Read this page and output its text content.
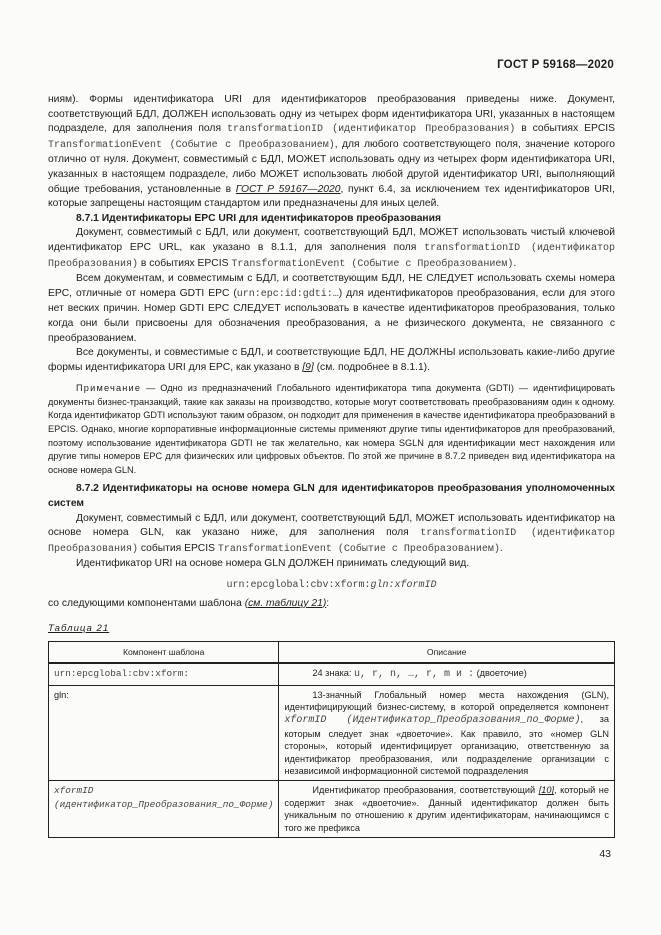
ГОСТ Р 59168—2020

ниям). Формы идентификатора URI для идентификаторов преобразования приведены ниже. Документ, соответствующий БДЛ, ДОЛЖЕН использовать одну из четырех форм идентификатора URI, указанных в настоящем подразделе, для заполнения поля transformationID (идентификатор Преобразования) в событиях EPCIS TransformationEvent (Событие с Преобразованием), для любого соответствующего поля, значение которого отлично от нуля. Документ, совместимый с БДЛ, МОЖЕТ использовать одну из четырех форм идентификатора URI, указанных в настоящем подразделе, либо МОЖЕТ использовать любой другой идентификатор URI, выполняющий общие требования, установленные в ГОСТ Р 59167—2020, пункт 6.4, за исключением тех идентификаторов URI, которые запрещены настоящим стандартом или предназначены для иных целей.

8.7.1 Идентификаторы EPC URI для идентификаторов преобразования

Документ, совместимый с БДЛ, или документ, соответствующий БДЛ, МОЖЕТ использовать чистый ключевой идентификатор EPC URL, как указано в 8.1.1, для заполнения поля transformationID (идентификатор Преобразования) в событиях EPCIS TransformationEvent (Событие с Преобразованием).

Всем документам, и совместимым с БДЛ, и соответствующим БДЛ, НЕ СЛЕДУЕТ использовать схемы номера EPC, отличные от номера GDTI EPC (urn:epc:id:gdti:…) для идентификаторов преобразования, если для этого нет веских причин. Номер GDTI EPC СЛЕДУЕТ использовать в качестве идентификаторов преобразования, только когда они были присвоены для обозначения преобразования, а не физического документа, не связанного с преобразованием.

Все документы, и совместимые с БДЛ, и соответствующие БДЛ, НЕ ДОЛЖНЫ использовать какие-либо другие формы идентификатора URI для EPC, как указано в [9] (см. подробнее в 8.1.1).

Примечание — Одно из предназначений Глобального идентификатора типа документа (GDTI) — идентифицировать документы бизнес-транзакций, такие как заказы на производство, которые могут соответствовать преобразованиям один к одному. Когда идентификатор GDTI используют таким образом, он подходит для применения в качестве идентификатора преобразований в EPCIS. Однако, многие корпоративные информационные системы применяют другие типы идентификаторов для преобразований, поэтому использование идентификатора GDTI не так желательно, как номера SGLN для идентификации мест нахождения или другие типы номеров EPC для физических или цифровых объектов. По этой же причине в 8.7.2 приведен вид идентификатора на основе номера GLN.

8.7.2 Идентификаторы на основе номера GLN для идентификаторов преобразования уполномоченных систем

Документ, совместимый с БДЛ, или документ, соответствующий БДЛ, МОЖЕТ использовать идентификатор на основе номера GLN, как указано ниже, для заполнения поля transformationID (идентификатор Преобразования) события EPCIS TransformationEvent (Событие с Преобразованием).

Идентификатор URI на основе номера GLN ДОЛЖЕН принимать следующий вид.

urn:epcglobal:cbv:xform:gln:xformID

со следующими компонентами шаблона (см. таблицу 21):

Таблица 21
Компонент шаблона	Описание
urn:epcglobal:cbv:xform:	24 знака: u, r, n, …, r, m и : (двоеточие)

gln:	13-значный Глобальный номер места нахождения (GLN), идентифицирующий бизнес-систему, в которой определяется компонент xformID (Идентификатор_Преобразования_по_Форме), за которым следует знак «двоеточие». Как правило, это «номер GLN стороны», который идентифицирует организацию, ответственную за идентификатор преобразования, или подразделение организации с независимой информационной системой подразделения

xformID (идентификатор_Преобразования_по_Форме)	Идентификатор преобразования, соответствующий [10], который не содержит знак «двоеточие». Данный идентификатор должен быть уникальным по отношению к другим идентификаторам, начинающимся с того же префикса

43
